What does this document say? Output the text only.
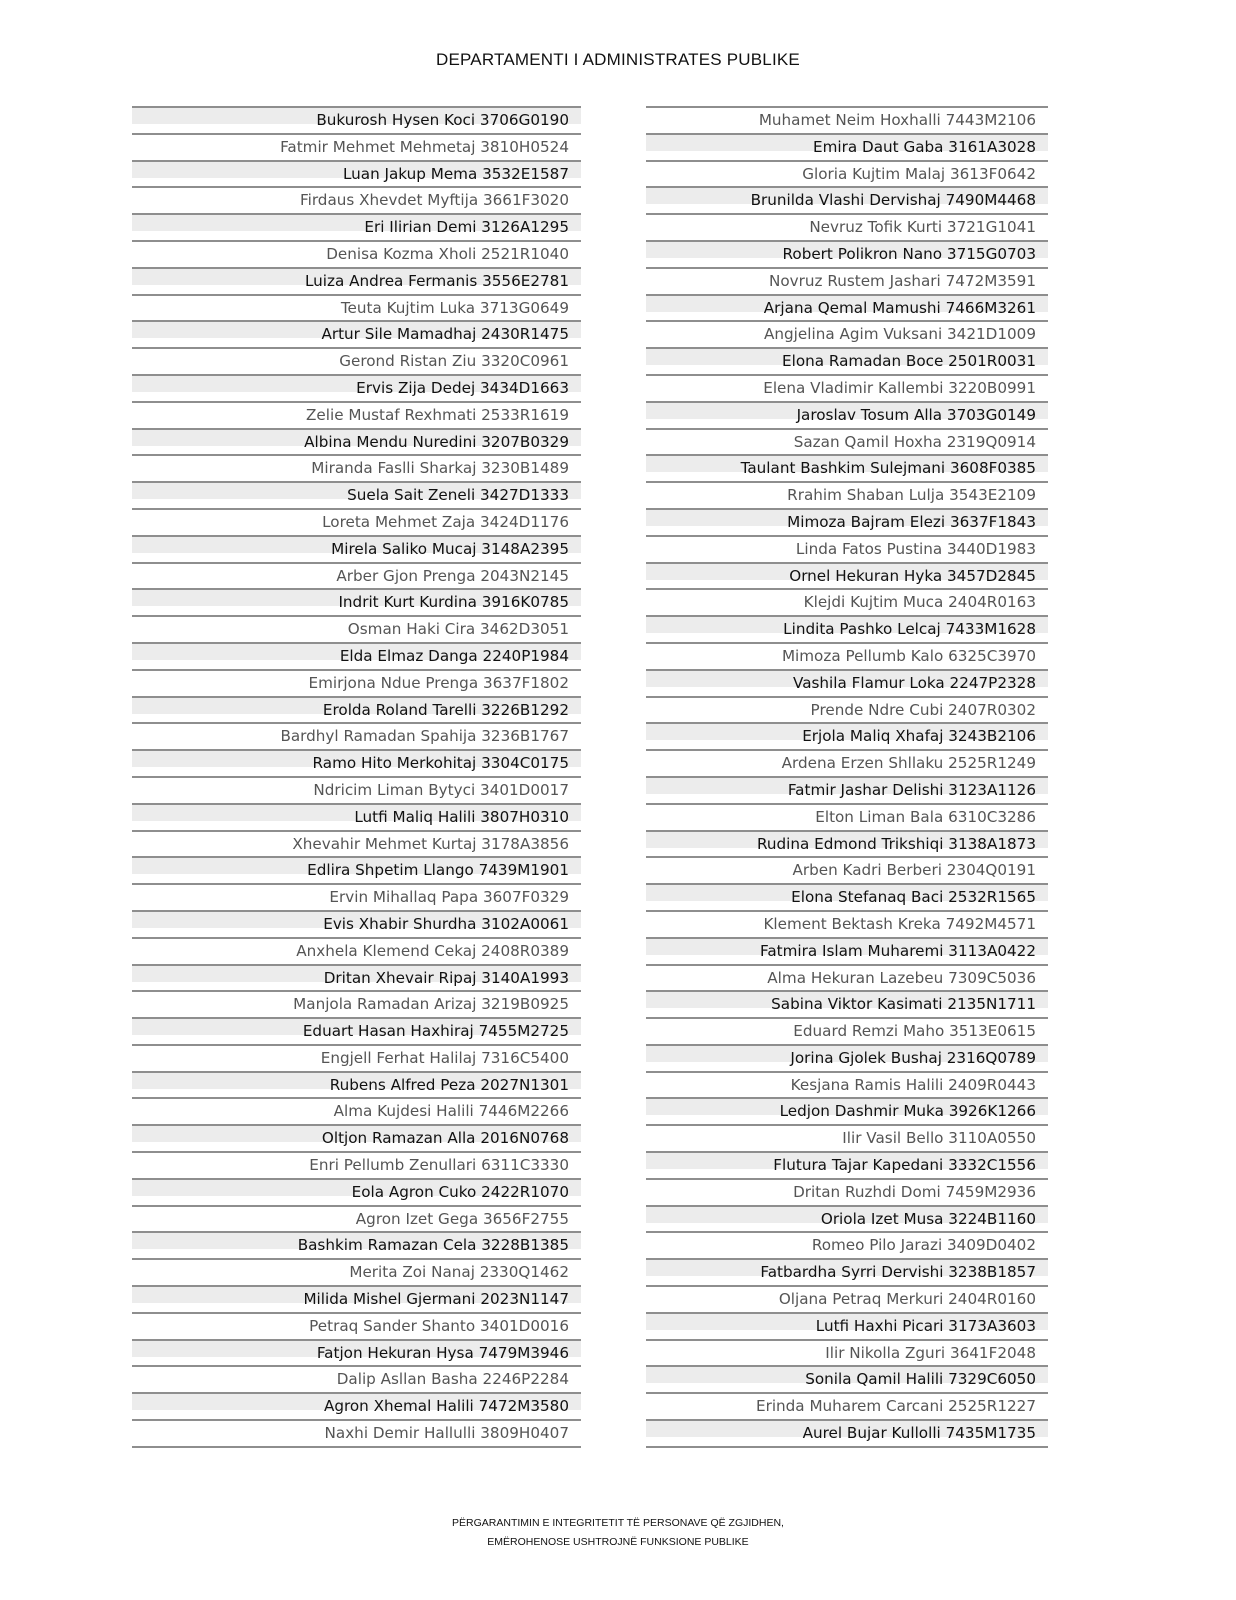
DEPARTAMENTI I ADMINISTRATES PUBLIKE
Bukurosh Hysen Koci 3706G0190
Fatmir Mehmet Mehmetaj 3810H0524
Luan Jakup Mema 3532E1587
Firdaus Xhevdet Myftija 3661F3020
Eri Ilirian Demi 3126A1295
Denisa Kozma Xholi 2521R1040
Luiza Andrea Fermanis 3556E2781
Teuta Kujtim Luka 3713G0649
Artur Sile Mamadhaj 2430R1475
Gerond Ristan Ziu 3320C0961
Ervis Zija Dedej 3434D1663
Zelie Mustaf Rexhmati 2533R1619
Albina Mendu Nuredini 3207B0329
Miranda Faslli Sharkaj 3230B1489
Suela Sait Zeneli 3427D1333
Loreta Mehmet Zaja 3424D1176
Mirela Saliko Mucaj 3148A2395
Arber Gjon Prenga 2043N2145
Indrit Kurt Kurdina 3916K0785
Osman Haki Cira 3462D3051
Elda Elmaz Danga 2240P1984
Emirjona Ndue Prenga 3637F1802
Erolda Roland Tarelli 3226B1292
Bardhyl Ramadan Spahija 3236B1767
Ramo Hito Merkohitaj 3304C0175
Ndricim Liman Bytyci 3401D0017
Lutfi Maliq Halili 3807H0310
Xhevahir Mehmet Kurtaj 3178A3856
Edlira Shpetim Llango 7439M1901
Ervin Mihallaq Papa 3607F0329
Evis Xhabir Shurdha 3102A0061
Anxhela Klemend Cekaj 2408R0389
Dritan Xhevair Ripaj 3140A1993
Manjola Ramadan Arizaj 3219B0925
Eduart Hasan Haxhiraj 7455M2725
Engjell Ferhat Halilaj 7316C5400
Rubens Alfred Peza 2027N1301
Alma Kujdesi Halili 7446M2266
Oltjon Ramazan Alla 2016N0768
Enri Pellumb Zenullari 6311C3330
Eola Agron Cuko 2422R1070
Agron Izet Gega 3656F2755
Bashkim Ramazan Cela 3228B1385
Merita Zoi Nanaj 2330Q1462
Milida Mishel Gjermani 2023N1147
Petraq Sander Shanto 3401D0016
Fatjon Hekuran Hysa 7479M3946
Dalip Asllan Basha 2246P2284
Agron Xhemal Halili 7472M3580
Naxhi Demir Hallulli 3809H0407
Muhamet Neim Hoxhalli 7443M2106
Emira Daut Gaba 3161A3028
Gloria Kujtim Malaj 3613F0642
Brunilda Vlashi Dervishaj 7490M4468
Nevruz Tofik Kurti 3721G1041
Robert Polikron Nano 3715G0703
Novruz Rustem Jashari 7472M3591
Arjana Qemal Mamushi 7466M3261
Angjelina Agim Vuksani 3421D1009
Elona Ramadan Boce 2501R0031
Elena Vladimir Kallembi 3220B0991
Jaroslav Tosum Alla 3703G0149
Sazan Qamil Hoxha 2319Q0914
Taulant Bashkim Sulejmani 3608F0385
Rrahim Shaban Lulja 3543E2109
Mimoza Bajram Elezi 3637F1843
Linda Fatos Pustina 3440D1983
Ornel Hekuran Hyka 3457D2845
Klejdi Kujtim Muca 2404R0163
Lindita Pashko Lelcaj 7433M1628
Mimoza Pellumb Kalo 6325C3970
Vashila Flamur Loka 2247P2328
Prende Ndre Cubi 2407R0302
Erjola Maliq Xhafaj 3243B2106
Ardena Erzen Shllaku 2525R1249
Fatmir Jashar Delishi 3123A1126
Elton Liman Bala 6310C3286
Rudina Edmond Trikshiqi 3138A1873
Arben Kadri Berberi 2304Q0191
Elona Stefanaq Baci 2532R1565
Klement Bektash Kreka 7492M4571
Fatmira Islam Muharemi 3113A0422
Alma Hekuran Lazebeu 7309C5036
Sabina Viktor Kasimati 2135N1711
Eduard Remzi Maho 3513E0615
Jorina Gjolek Bushaj 2316Q0789
Kesjana Ramis Halili 2409R0443
Ledjon Dashmir Muka 3926K1266
Ilir Vasil Bello 3110A0550
Flutura Tajar Kapedani 3332C1556
Dritan Ruzhdi Domi 7459M2936
Oriola Izet Musa 3224B1160
Romeo Pilo Jarazi 3409D0402
Fatbardha Syrri Dervishi 3238B1857
Oljana Petraq Merkuri 2404R0160
Lutfi Haxhi Picari 3173A3603
Ilir Nikolla Zguri 3641F2048
Sonila Qamil Halili 7329C6050
Erinda Muharem Carcani 2525R1227
Aurel Bujar Kullolli 7435M1735
PËRGARANTIMIN E INTEGRITETIT TË PERSONAVE QË ZGJIDHEN,
EMËROHENOSE USHTROJNË FUNKSIONE PUBLIKE
